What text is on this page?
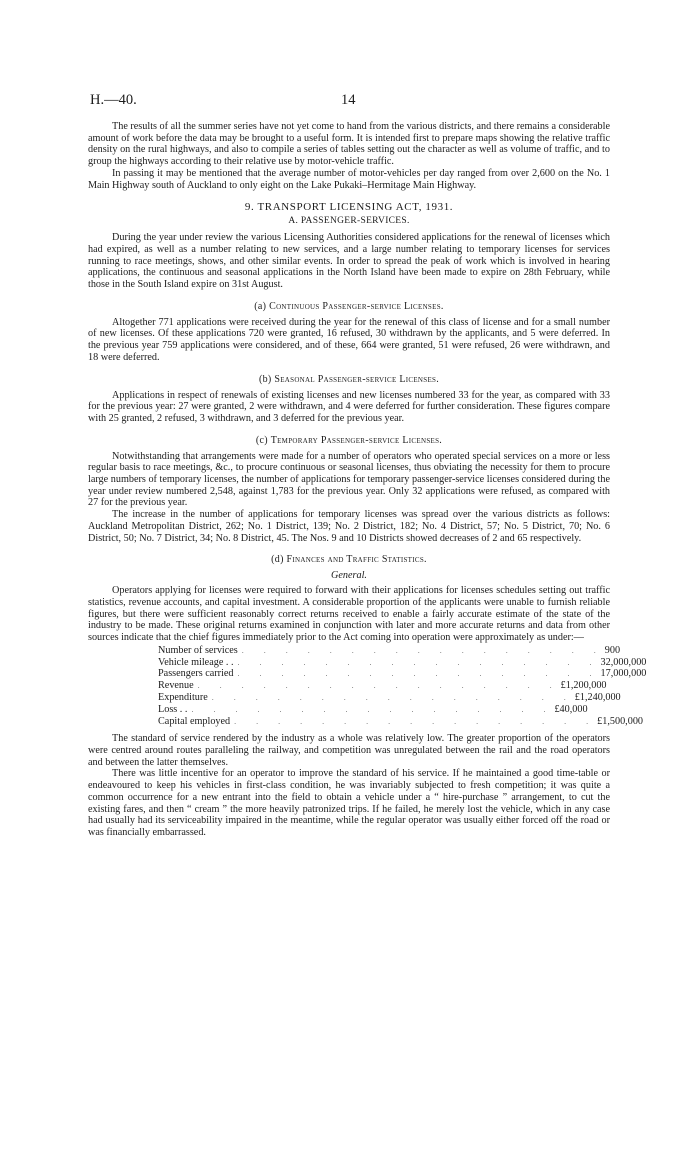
H.—40.	14

The results of all the summer series have not yet come to hand from the various districts, and there remains a considerable amount of work before the data may be brought to a useful form. It is intended first to prepare maps showing the relative traffic density on the rural highways, and also to compile a series of tables setting out the character as well as volume of traffic, and to group the highways according to their relative use by motor-vehicle traffic.

In passing it may be mentioned that the average number of motor-vehicles per day ranged from over 2,600 on the No. 1 Main Highway south of Auckland to only eight on the Lake Pukaki–Hermitage Main Highway.

9. TRANSPORT LICENSING ACT, 1931.
A. PASSENGER-SERVICES.

During the year under review the various Licensing Authorities considered applications for the renewal of licenses which had expired, as well as a number relating to new services, and a large number relating to temporary licenses for services running to race meetings, shows, and other similar events. In order to spread the peak of work which is involved in hearing applications, the continuous and seasonal applications in the North Island have been made to expire on 28th February, while those in the South Island expire on 31st August.

(a) Continuous Passenger-service Licenses.

Altogether 771 applications were received during the year for the renewal of this class of license and for a small number of new licenses. Of these applications 720 were granted, 16 refused, 30 withdrawn by the applicants, and 5 were deferred. In the previous year 759 applications were considered, and of these, 664 were granted, 51 were refused, 26 were withdrawn, and 18 were deferred.

(b) Seasonal Passenger-service Licenses.

Applications in respect of renewals of existing licenses and new licenses numbered 33 for the year, as compared with 33 for the previous year: 27 were granted, 2 were withdrawn, and 4 were deferred for further consideration. These figures compare with 25 granted, 2 refused, 3 withdrawn, and 3 deferred for the previous year.

(c) Temporary Passenger-service Licenses.

Notwithstanding that arrangements were made for a number of operators who operated special services on a more or less regular basis to race meetings, &c., to procure continuous or seasonal licenses, thus obviating the necessity for them to procure large numbers of temporary licenses, the number of applications for temporary passenger-service licenses considered during the year under review numbered 2,548, against 1,783 for the previous year. Only 32 applications were refused, as compared with 27 for the previous year.

The increase in the number of applications for temporary licenses was spread over the various districts as follows: Auckland Metropolitan District, 262; No. 1 District, 139; No. 2 District, 182; No. 4 District, 57; No. 5 District, 70; No. 6 District, 50; No. 7 District, 34; No. 8 District, 45. The Nos. 9 and 10 Districts showed decreases of 2 and 65 respectively.

(d) Finances and Traffic Statistics.
General.

Operators applying for licenses were required to forward with their applications for licenses schedules setting out traffic statistics, revenue accounts, and capital investment. A considerable proportion of the applicants were unable to furnish reliable figures, but there were sufficient reasonably correct returns received to enable a fairly accurate estimate of the state of the industry to be made. These original returns examined in conjunction with later and more accurate returns and data from other sources indicate that the chief figures immediately prior to the Act coming into operation were approximately as under:—

Number of services . . . . . . . . . . . . . . . . . 900
Vehicle mileage . . . . . . . . . . . . . . . . . . . 32,000,000
Passengers carried . . . . . . . . . . . . . . . . . 17,000,000
Revenue . . . . . . . . . . . . . . . . . £1,200,000
Expenditure . . . . . . . . . . . . . . . . . £1,240,000
Loss . . . . . . . . . . . . . . . . . . . £40,000
Capital employed . . . . . . . . . . . . . . . . . £1,500,000

The standard of service rendered by the industry as a whole was relatively low. The greater proportion of the operators were centred around routes paralleling the railway, and competition was unregulated between the rail and the road operators and between the latter themselves.

There was little incentive for an operator to improve the standard of his service. If he maintained a good time-table or endeavoured to keep his vehicles in first-class condition, he was invariably subjected to fresh competition; it was quite a common occurrence for a new entrant into the field to obtain a vehicle under a “ hire-purchase ” arrangement, to cut the existing fares, and then “ cream ” the more heavily patronized trips. If he failed, he merely lost the vehicle, which in any case had usually had its serviceability impaired in the meantime, while the regular operator was usually either forced off the road or was financially embarrassed.
